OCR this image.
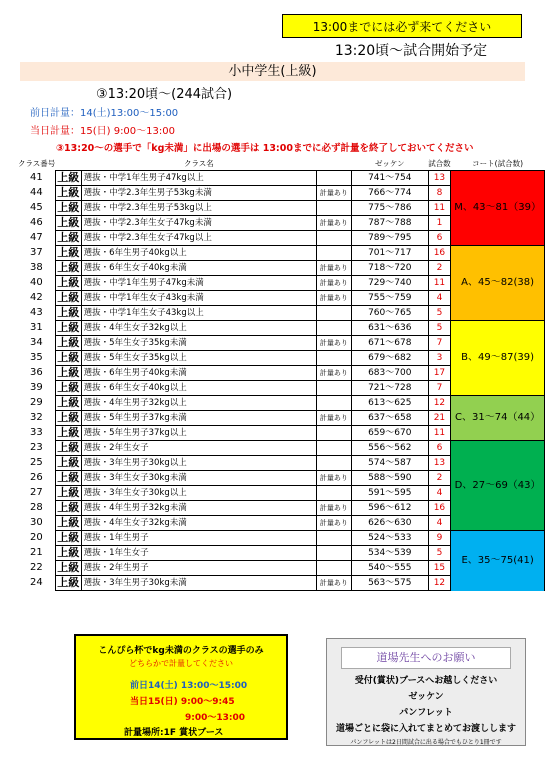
13:00までには必ず来てください
13:20頃～試合開始予定
小中学生(上級)
③13:20頃～(244試合)
前日計量：14(土)13:00～15:00
当日計量：15(日) 9:00～13:00
③13:20～の選手で「kg未満」に出場の選手は 13:00までに必ず計量を終了しておいてください
クラス番号		クラス名		ゼッケン	試合数	コート(試合数)
41	上級	選抜・中学1年生男子47kg以上		741～754	13	M、43～81（39）
44	上級	選抜・中学2.3年生男子53kg未満	計量あり	766～774	8	
45	上級	選抜・中学2.3年生男子53kg以上		775～786	11	
46	上級	選抜・中学2.3年生女子47kg未満	計量あり	787～788	1	
47	上級	選抜・中学2.3年生女子47kg以上		789～795	6	
37	上級	選抜・6年生男子40kg以上		701～717	16	A、45～82(38)
38	上級	選抜・6年生女子40kg未満	計量あり	718～720	2	
40	上級	選抜・中学1年生男子47kg未満	計量あり	729～740	11	
42	上級	選抜・中学1年生女子43kg未満	計量あり	755～759	4	
43	上級	選抜・中学1年生女子43kg以上		760～765	5	
31	上級	選抜・4年生女子32kg以上		631～636	5	B、49～87(39)
34	上級	選抜・5年生女子35kg未満	計量あり	671～678	7	
35	上級	選抜・5年生女子35kg以上		679～682	3	
36	上級	選抜・6年生男子40kg未満	計量あり	683～700	17	
39	上級	選抜・6年生女子40kg以上		721～728	7	
29	上級	選抜・4年生男子32kg以上		613～625	12	C、31～74（44）
32	上級	選抜・5年生男子37kg未満	計量あり	637～658	21	
33	上級	選抜・5年生男子37kg以上		659～670	11	
23	上級	選抜・2年生女子		556～562	6	D、27～69（43）
25	上級	選抜・3年生男子30kg以上		574～587	13	
26	上級	選抜・3年生女子30kg未満	計量あり	588～590	2	
27	上級	選抜・3年生女子30kg以上		591～595	4	
28	上級	選抜・4年生男子32kg未満	計量あり	596～612	16	
30	上級	選抜・4年生女子32kg未満	計量あり	626～630	4	
20	上級	選抜・1年生男子		524～533	9	E、35～75(41)
21	上級	選抜・1年生女子		534～539	5	
22	上級	選抜・2年生男子		540～555	15	
24	上級	選抜・3年生男子30kg未満	計量あり	563～575	12	
こんぴら杯でkg未満のクラスの選手のみ
どちらかで計量してください
前日14(土) 13:00～15:00
当日15(日) 9:00～9:45
9:00～13:00
計量場所:1F 賞状ブース
道場先生へのお願い
受付(賞状)ブースへお越しください
ゼッケン
パンフレット
道場ごとに袋に入れてまとめてお渡しします
パンフレットは2日間試合に出る場合でもひとり1冊です
